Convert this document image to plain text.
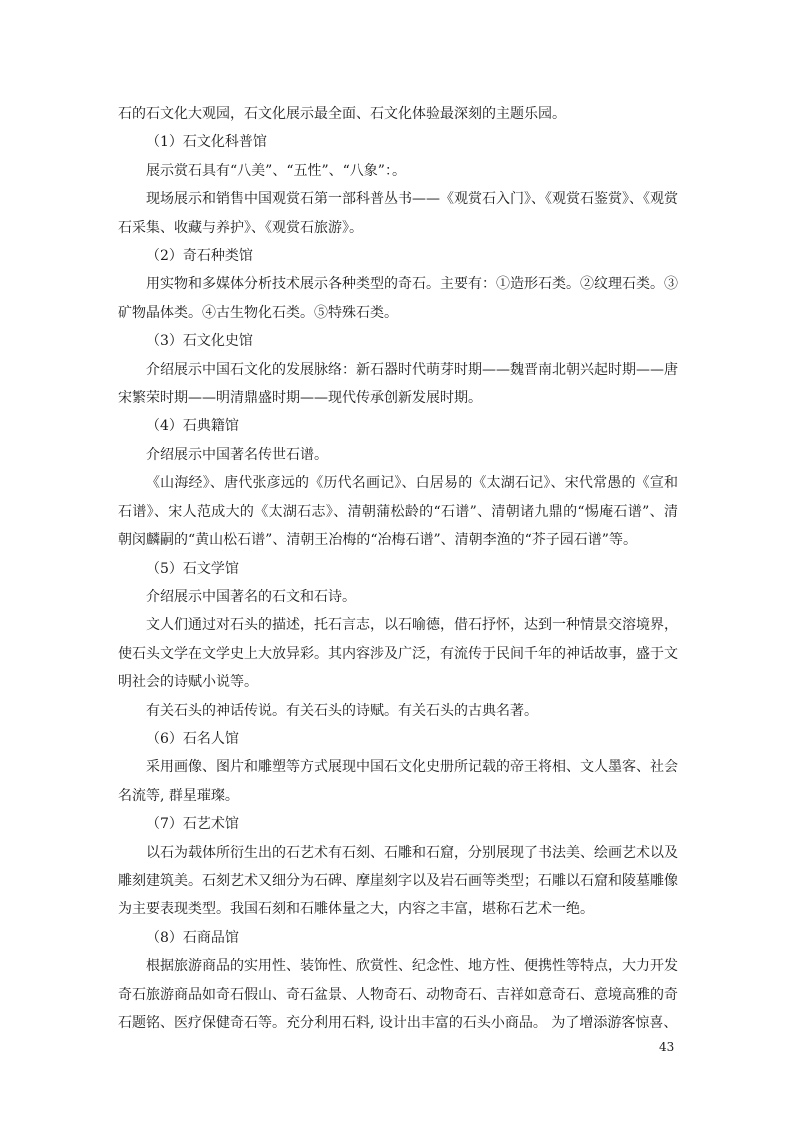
石的石文化大观园，石文化展示最全面、石文化体验最深刻的主题乐园。

（1）石文化科普馆

展示赏石具有“八美”、“五性”、“八象”：。

现场展示和销售中国观赏石第一部科普丛书——《观赏石入门》、《观赏石鉴赏》、《观赏石采集、收藏与养护》、《观赏石旅游》。

（2）奇石种类馆

用实物和多媒体分析技术展示各种类型的奇石。主要有：①造形石类。②纹理石类。③矿物晶体类。④古生物化石类。⑤特殊石类。

（3）石文化史馆

介绍展示中国石文化的发展脉络：新石器时代萌芽时期——魏晋南北朝兴起时期——唐宋繁荣时期——明清鼎盛时期——现代传承创新发展时期。

（4）石典籍馆

介绍展示中国著名传世石谱。

《山海经》、唐代张彦远的《历代名画记》、白居易的《太湖石记》、宋代常愚的《宣和石谱》、宋人范成大的《太湖石志》、清朝蒲松龄的“石谱”、清朝诸九鼎的“惕庵石谱”、清朝闵麟嗣的“黄山松石谱”、清朝王冶梅的“冶梅石谱”、清朝李渔的“芥子园石谱”等。

（5）石文学馆

介绍展示中国著名的石文和石诗。

文人们通过对石头的描述，托石言志，以石喻德，借石抒怀，达到一种情景交溶境界，使石头文学在文学史上大放异彩。其内容涉及广泛，有流传于民间千年的神话故事，盛于文明社会的诗赋小说等。

有关石头的神话传说。有关石头的诗赋。有关石头的古典名著。

（6）石名人馆

采用画像、图片和雕塑等方式展现中国石文化史册所记载的帝王将相、文人墨客、社会名流等, 群星璀璨。

（7）石艺术馆

以石为载体所衍生出的石艺术有石刻、石雕和石窟，分别展现了书法美、绘画艺术以及雕刻建筑美。石刻艺术又细分为石碑、摩崖刻字以及岩石画等类型；石雕以石窟和陵墓雕像为主要表现类型。我国石刻和石雕体量之大，内容之丰富，堪称石艺术一绝。

（8）石商品馆

根据旅游商品的实用性、装饰性、欣赏性、纪念性、地方性、便携性等特点，大力开发奇石旅游商品如奇石假山、奇石盆景、人物奇石、动物奇石、吉祥如意奇石、意境高雅的奇石题铭、医疗保健奇石等。充分利用石料, 设计出丰富的石头小商品。 为了增添游客惊喜、

43
